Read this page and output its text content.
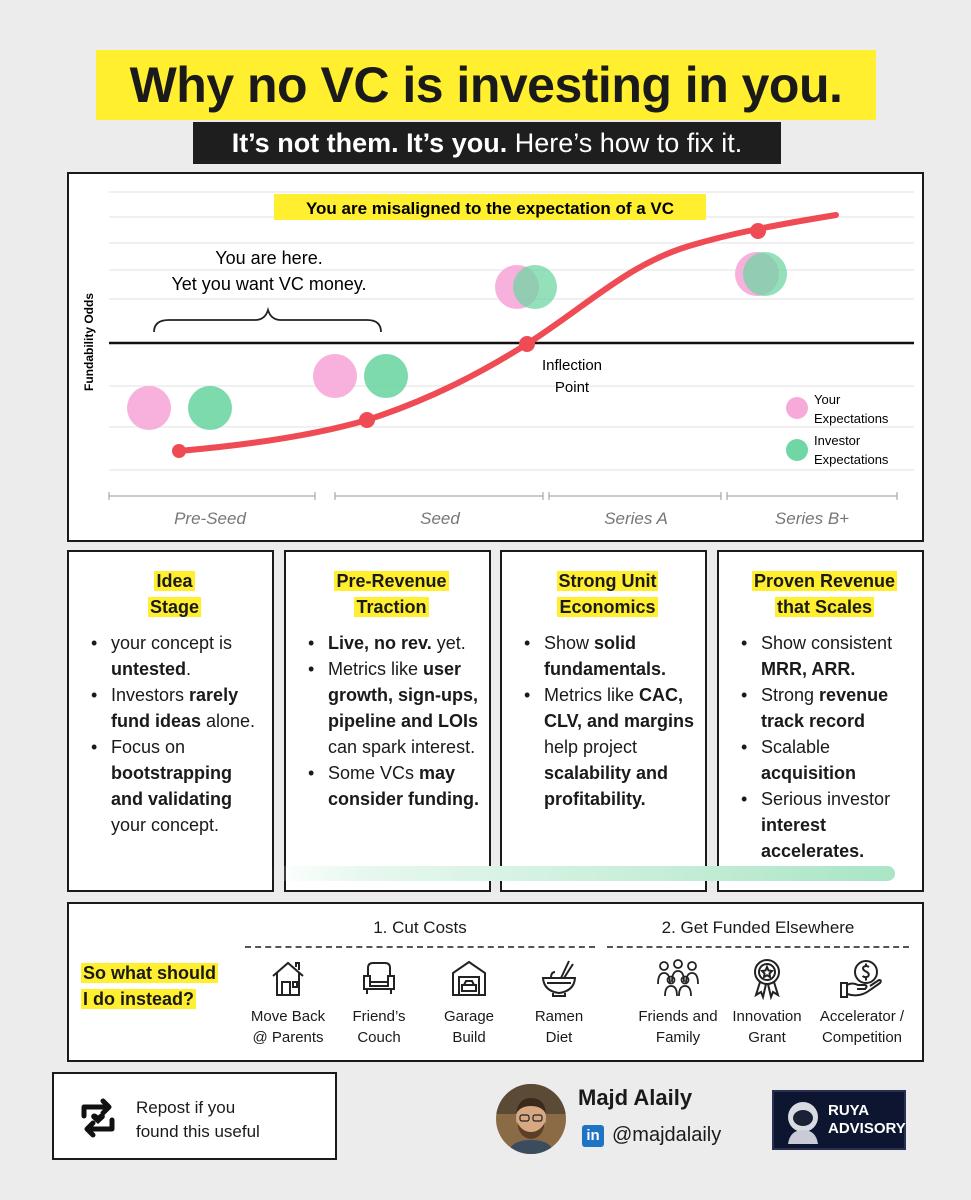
Why no VC is investing in you.
It’s not them. It’s you. Here’s how to fix it.
You are misaligned to the expectation of a VC
Fundability Odds
You are here.
Yet you want VC money.
Inflection
Point
Your
Expectations
Investor
Expectations
Pre-Seed	Seed	Series A	Series B+
Idea
Stage
• your concept is untested.
• Investors rarely fund ideas alone.
• Focus on bootstrapping and validating your concept.
Pre-Revenue
Traction
• Live, no rev. yet.
• Metrics like user growth, sign-ups, pipeline and LOIs can spark interest.
• Some VCs may consider funding.
Strong Unit
Economics
• Show solid fundamentals.
• Metrics like CAC, CLV, and margins help project scalability and profitability.
Proven Revenue
that Scales
• Show consistent MRR, ARR.
• Strong revenue track record
• Scalable acquisition
• Serious investor interest accelerates.
So what should
I do instead?
1. Cut Costs	2. Get Funded Elsewhere
Move Back
@ Parents
Friend’s
Couch
Garage
Build
Ramen
Diet
Friends and
Family
Innovation
Grant
Accelerator /
Competition
Repost if you
found this useful
Majd Alaily
in @majdalaily
RUYA
ADVISORY
